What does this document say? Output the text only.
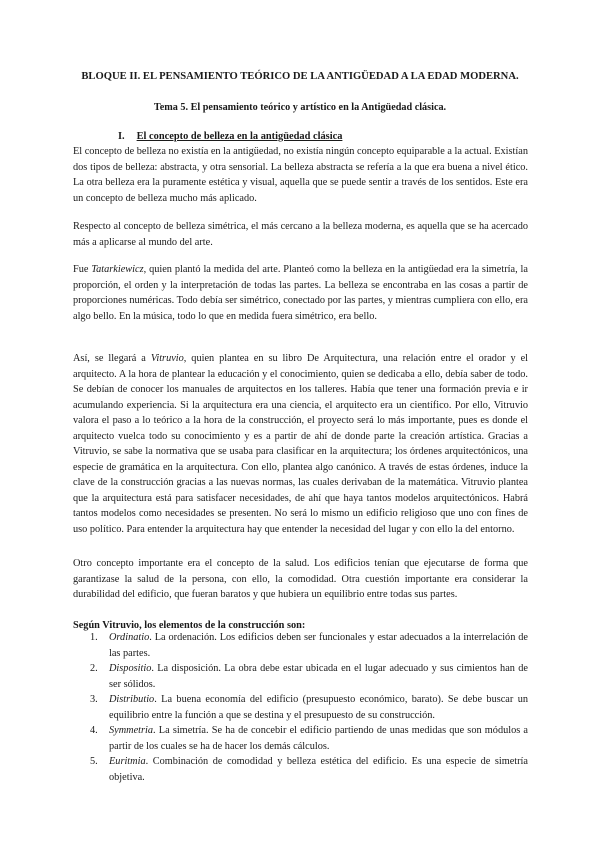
BLOQUE II. EL PENSAMIENTO TEÓRICO DE LA ANTIGÜEDAD A LA EDAD MODERNA.
Tema 5. El pensamiento teórico y artístico en la Antigüedad clásica.
I. El concepto de belleza en la antigüedad clásica

El concepto de belleza no existía en la antigüedad, no existía ningún concepto equiparable a la actual. Existían dos tipos de belleza: abstracta, y otra sensorial. La belleza abstracta se refería a la que era buena a nivel ético. La otra belleza era la puramente estética y visual, aquella que se puede sentir a través de los sentidos. Este era un concepto de belleza mucho más aplicado.

Respecto al concepto de belleza simétrica, el más cercano a la belleza moderna, es aquella que se ha acercado más a aplicarse al mundo del arte.

Fue Tatarkiewicz, quien plantó la medida del arte. Planteó como la belleza en la antigüedad era la simetría, la proporción, el orden y la interpretación de todas las partes. La belleza se encontraba en las cosas a partir de proporciones numéricas. Todo debía ser simétrico, conectado por las partes, y mientras cumpliera con ello, era algo bello. En la música, todo lo que en medida fuera simétrico, era bello.

Así, se llegará a Vitruvio, quien plantea en su libro De Arquitectura, una relación entre el orador y el arquitecto. A la hora de plantear la educación y el conocimiento, quien se dedicaba a ello, debía saber de todo. Se debían de conocer los manuales de arquitectos en los talleres. Había que tener una formación previa e ir acumulando experiencia. Si la arquitectura era una ciencia, el arquitecto era un científico. Por ello, Vitruvio valora el paso a lo teórico a la hora de la construcción, el proyecto será lo más importante, pues es donde el arquitecto vuelca todo su conocimiento y es a partir de ahí de donde parte la creación artística. Gracias a Vitruvio, se sabe la normativa que se usaba para clasificar en la arquitectura; los órdenes arquitectónicos, una especie de gramática en la arquitectura. Con ello, plantea algo canónico. A través de estas órdenes, induce la clave de la construcción gracias a las nuevas normas, las cuales derivaban de la matemática. Vitruvio plantea que la arquitectura está para satisfacer necesidades, de ahí que haya tantos modelos arquitectónicos. Habrá tantos modelos como necesidades se presenten. No será lo mismo un edificio religioso que uno con fines de uso político. Para entender la arquitectura hay que entender la necesidad del lugar y con ello la del entorno.

Otro concepto importante era el concepto de la salud. Los edificios tenían que ejecutarse de forma que garantizase la salud de la persona, con ello, la comodidad. Otra cuestión importante era considerar la durabilidad del edificio, que fueran baratos y que hubiera un equilibrio entre todas sus partes.

Según Vitruvio, los elementos de la construcción son:

1. Ordinatio. La ordenación. Los edificios deben ser funcionales y estar adecuados a la interrelación de las partes.
2. Dispositio. La disposición. La obra debe estar ubicada en el lugar adecuado y sus cimientos han de ser sólidos.
3. Distributio. La buena economía del edificio (presupuesto económico, barato). Se debe buscar un equilibrio entre la función a que se destina y el presupuesto de su construcción.
4. Symmetria. La simetría. Se ha de concebir el edificio partiendo de unas medidas que son módulos a partir de los cuales se ha de hacer los demás cálculos.
5. Euritmia. Combinación de comodidad y belleza estética del edificio. Es una especie de simetría objetiva.
